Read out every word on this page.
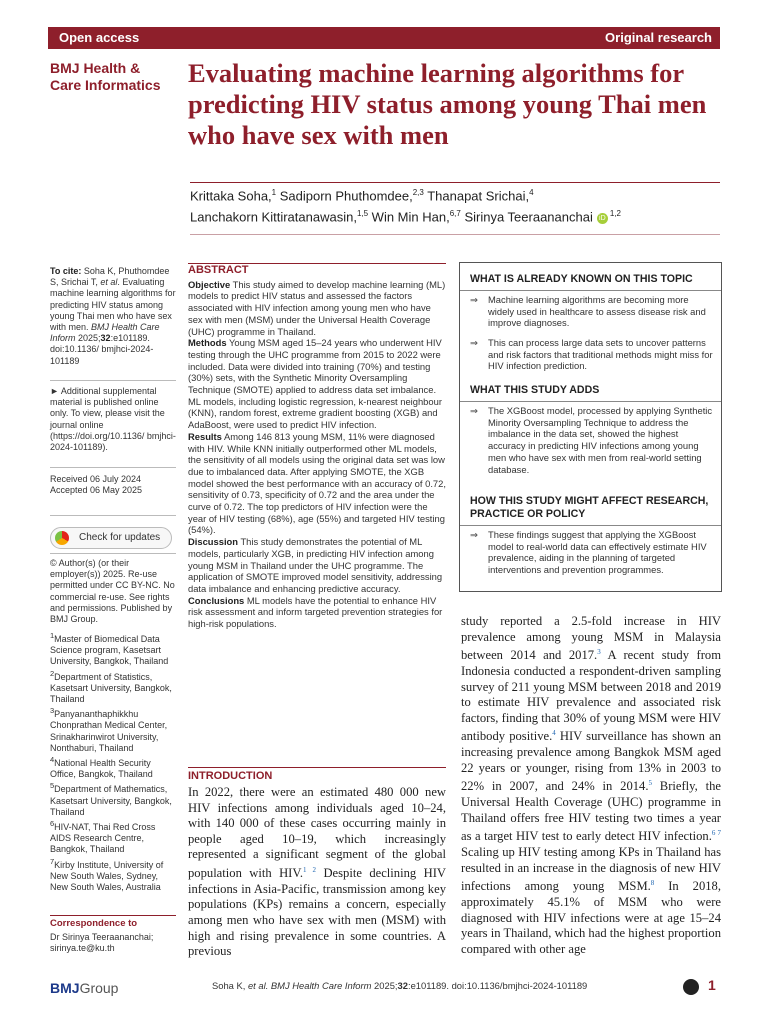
Open access	Original research
BMJ Health &
Care Informatics	Evaluating machine learning algorithms for predicting HIV status among young Thai men who have sex with men
Krittaka Soha,$^1$ Sadiporn Phuthomdee,$^{2,3}$ Thanapat Srichai,$^4$
Lanchakorn Kittiratanawasin,$^{1,5}$ Win Min Han,$^{6,7}$ Sirinya Teeraananchai iD $^{1,2}$
To cite: Soha K, Phuthomdee S, Srichai T, et al. Evaluating machine learning algorithms for predicting HIV status among young Thai men who have sex with men. BMJ Health Care Inform 2025;32:e101189. doi:10.1136/ bmjhci-2024-101189
► Additional supplemental material is published online only. To view, please visit the journal online (https://doi.org/10.1136/ bmjhci-2024-101189).
Received 06 July 2024
Accepted 06 May 2025
Check for updates
© Author(s) (or their employer(s)) 2025. Re-use permitted under CC BY-NC. No commercial re-use. See rights and permissions. Published by BMJ Group.
$^1$Master of Biomedical Data Science program, Kasetsart University, Bangkok, Thailand
$^2$Department of Statistics, Kasetsart University, Bangkok, Thailand
$^3$Panyananthaphikkhu Chonprathan Medical Center, Srinakharinwirot University, Nonthaburi, Thailand
$^4$National Health Security Office, Bangkok, Thailand
$^5$Department of Mathematics, Kasetsart University, Bangkok, Thailand
$^6$HIV-NAT, Thai Red Cross AIDS Research Centre, Bangkok, Thailand
$^7$Kirby Institute, University of New South Wales, Sydney, New South Wales, Australia
Correspondence to
Dr Sirinya Teeraananchai;
sirinya.te@ku.th
ABSTRACT

Objective This study aimed to develop machine learning (ML) models to predict HIV status and assessed the factors associated with HIV infection among young men who have sex with men (MSM) under the Universal Health Coverage (UHC) programme in Thailand.

Methods Young MSM aged 15–24 years who underwent HIV testing through the UHC programme from 2015 to 2022 were included. Data were divided into training (70%) and testing (30%) sets, with the Synthetic Minority Oversampling Technique (SMOTE) applied to address data set imbalance. ML models, including logistic regression, k-nearest neighbour (KNN), random forest, extreme gradient boosting (XGB) and AdaBoost, were used to predict HIV infection.

Results Among 146 813 young MSM, 11% were diagnosed with HIV. While KNN initially outperformed other ML models, the sensitivity of all models using the original data set was low due to imbalanced data. After applying SMOTE, the XGB model showed the best performance with an accuracy of 0.72, sensitivity of 0.73, specificity of 0.72 and the area under the curve of 0.72. The top predictors of HIV infection were the year of HIV testing (68%), age (55%) and targeted HIV testing (54%).

Discussion This study demonstrates the potential of ML models, particularly XGB, in predicting HIV infection among young MSM in Thailand under the UHC programme. The application of SMOTE improved model sensitivity, addressing data imbalance and enhancing predictive accuracy.

Conclusions ML models have the potential to enhance HIV risk assessment and inform targeted prevention strategies for high-risk populations.

WHAT IS ALREADY KNOWN ON THIS TOPIC
⇒ Machine learning algorithms are becoming more widely used in healthcare to assess disease risk and improve diagnoses.
⇒ This can process large data sets to uncover patterns and risk factors that traditional methods might miss for HIV infection prediction.
WHAT THIS STUDY ADDS
⇒ The XGBoost model, processed by applying Synthetic Minority Oversampling Technique to address the imbalance in the data set, showed the highest accuracy in predicting HIV infections among young men who have sex with men from real-world setting database.
HOW THIS STUDY MIGHT AFFECT RESEARCH, PRACTICE OR POLICY
⇒ These findings suggest that applying the XGBoost model to real-world data can effectively estimate HIV prevalence, aiding in the planning of targeted interventions and prevention programmes.
INTRODUCTION
In 2022, there were an estimated 480 000 new HIV infections among individuals aged 10–24, with 140 000 of these cases occurring mainly in people aged 10–19, which increasingly represented a significant segment of the global population with HIV.$^{1 2}$ Despite declining HIV infections in Asia-Pacific, transmission among key populations (KPs) remains a concern, especially among men who have sex with men (MSM) with high and rising prevalence in some countries. A previous
study reported a 2.5-fold increase in HIV prevalence among young MSM in Malaysia between 2014 and 2017.$^3$ A recent study from Indonesia conducted a respondent-driven sampling survey of 211 young MSM between 2018 and 2019 to estimate HIV prevalence and associated risk factors, finding that 30% of young MSM were HIV antibody positive.$^4$ HIV surveillance has shown an increasing prevalence among Bangkok MSM aged 22 years or younger, rising from 13% in 2003 to 22% in 2007, and 24% in 2014.$^5$ Briefly, the Universal Health Coverage (UHC) programme in Thailand offers free HIV testing two times a year as a target HIV test to early detect HIV infection.$^{6 7}$ Scaling up HIV testing among KPs in Thailand has resulted in an increase in the diagnosis of new HIV infections among young MSM.$^8$ In 2018, approximately 45.1% of MSM who were diagnosed with HIV infections were at age 15–24 years in Thailand, which had the highest proportion compared with other age
BMJGroup	Soha K, et al. BMJ Health Care Inform 2025;32:e101189. doi:10.1136/bmjhci-2024-101189	1
